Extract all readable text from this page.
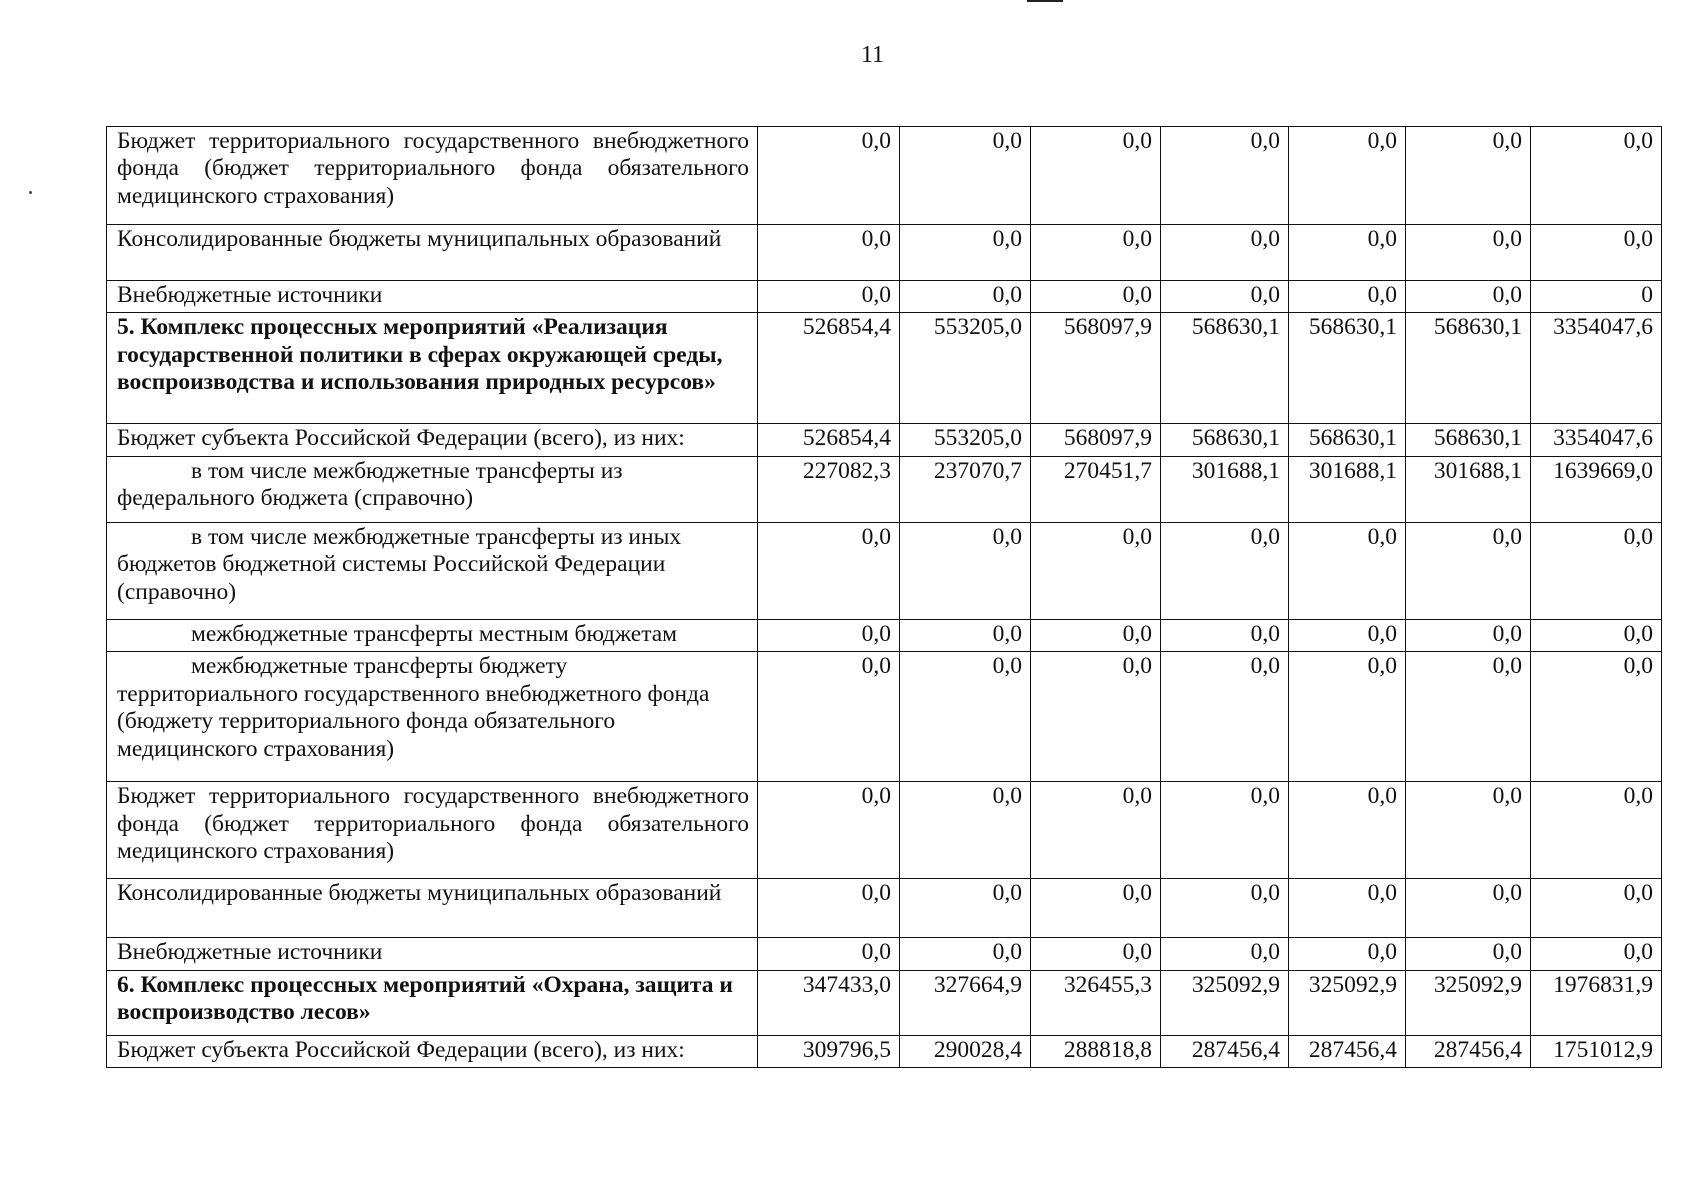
11
Бюджет территориального государственного внебюджетного фонда (бюджет территориального фонда обязательного медицинского страхования)	0,0	0,0	0,0	0,0	0,0	0,0	0,0
Консолидированные бюджеты муниципальных образований	0,0	0,0	0,0	0,0	0,0	0,0	0,0
Внебюджетные источники	0,0	0,0	0,0	0,0	0,0	0,0	0
5. Комплекс процессных мероприятий «Реализация государственной политики в сферах окружающей среды, воспроизводства и использования природных ресурсов»	526854,4	553205,0	568097,9	568630,1	568630,1	568630,1	3354047,6
Бюджет субъекта Российской Федерации (всего), из них:	526854,4	553205,0	568097,9	568630,1	568630,1	568630,1	3354047,6
в том числе межбюджетные трансферты из федерального бюджета (справочно)	227082,3	237070,7	270451,7	301688,1	301688,1	301688,1	1639669,0
в том числе межбюджетные трансферты из иных бюджетов бюджетной системы Российской Федерации (справочно)	0,0	0,0	0,0	0,0	0,0	0,0	0,0
межбюджетные трансферты местным бюджетам	0,0	0,0	0,0	0,0	0,0	0,0	0,0
межбюджетные трансферты бюджету территориального государственного внебюджетного фонда (бюджету территориального фонда обязательного медицинского страхования)	0,0	0,0	0,0	0,0	0,0	0,0	0,0
Бюджет территориального государственного внебюджетного фонда (бюджет территориального фонда обязательного медицинского страхования)	0,0	0,0	0,0	0,0	0,0	0,0	0,0
Консолидированные бюджеты муниципальных образований	0,0	0,0	0,0	0,0	0,0	0,0	0,0
Внебюджетные источники	0,0	0,0	0,0	0,0	0,0	0,0	0,0
6. Комплекс процессных мероприятий «Охрана, защита и воспроизводство лесов»	347433,0	327664,9	326455,3	325092,9	325092,9	325092,9	1976831,9
Бюджет субъекта Российской Федерации (всего), из них:	309796,5	290028,4	288818,8	287456,4	287456,4	287456,4	1751012,9
